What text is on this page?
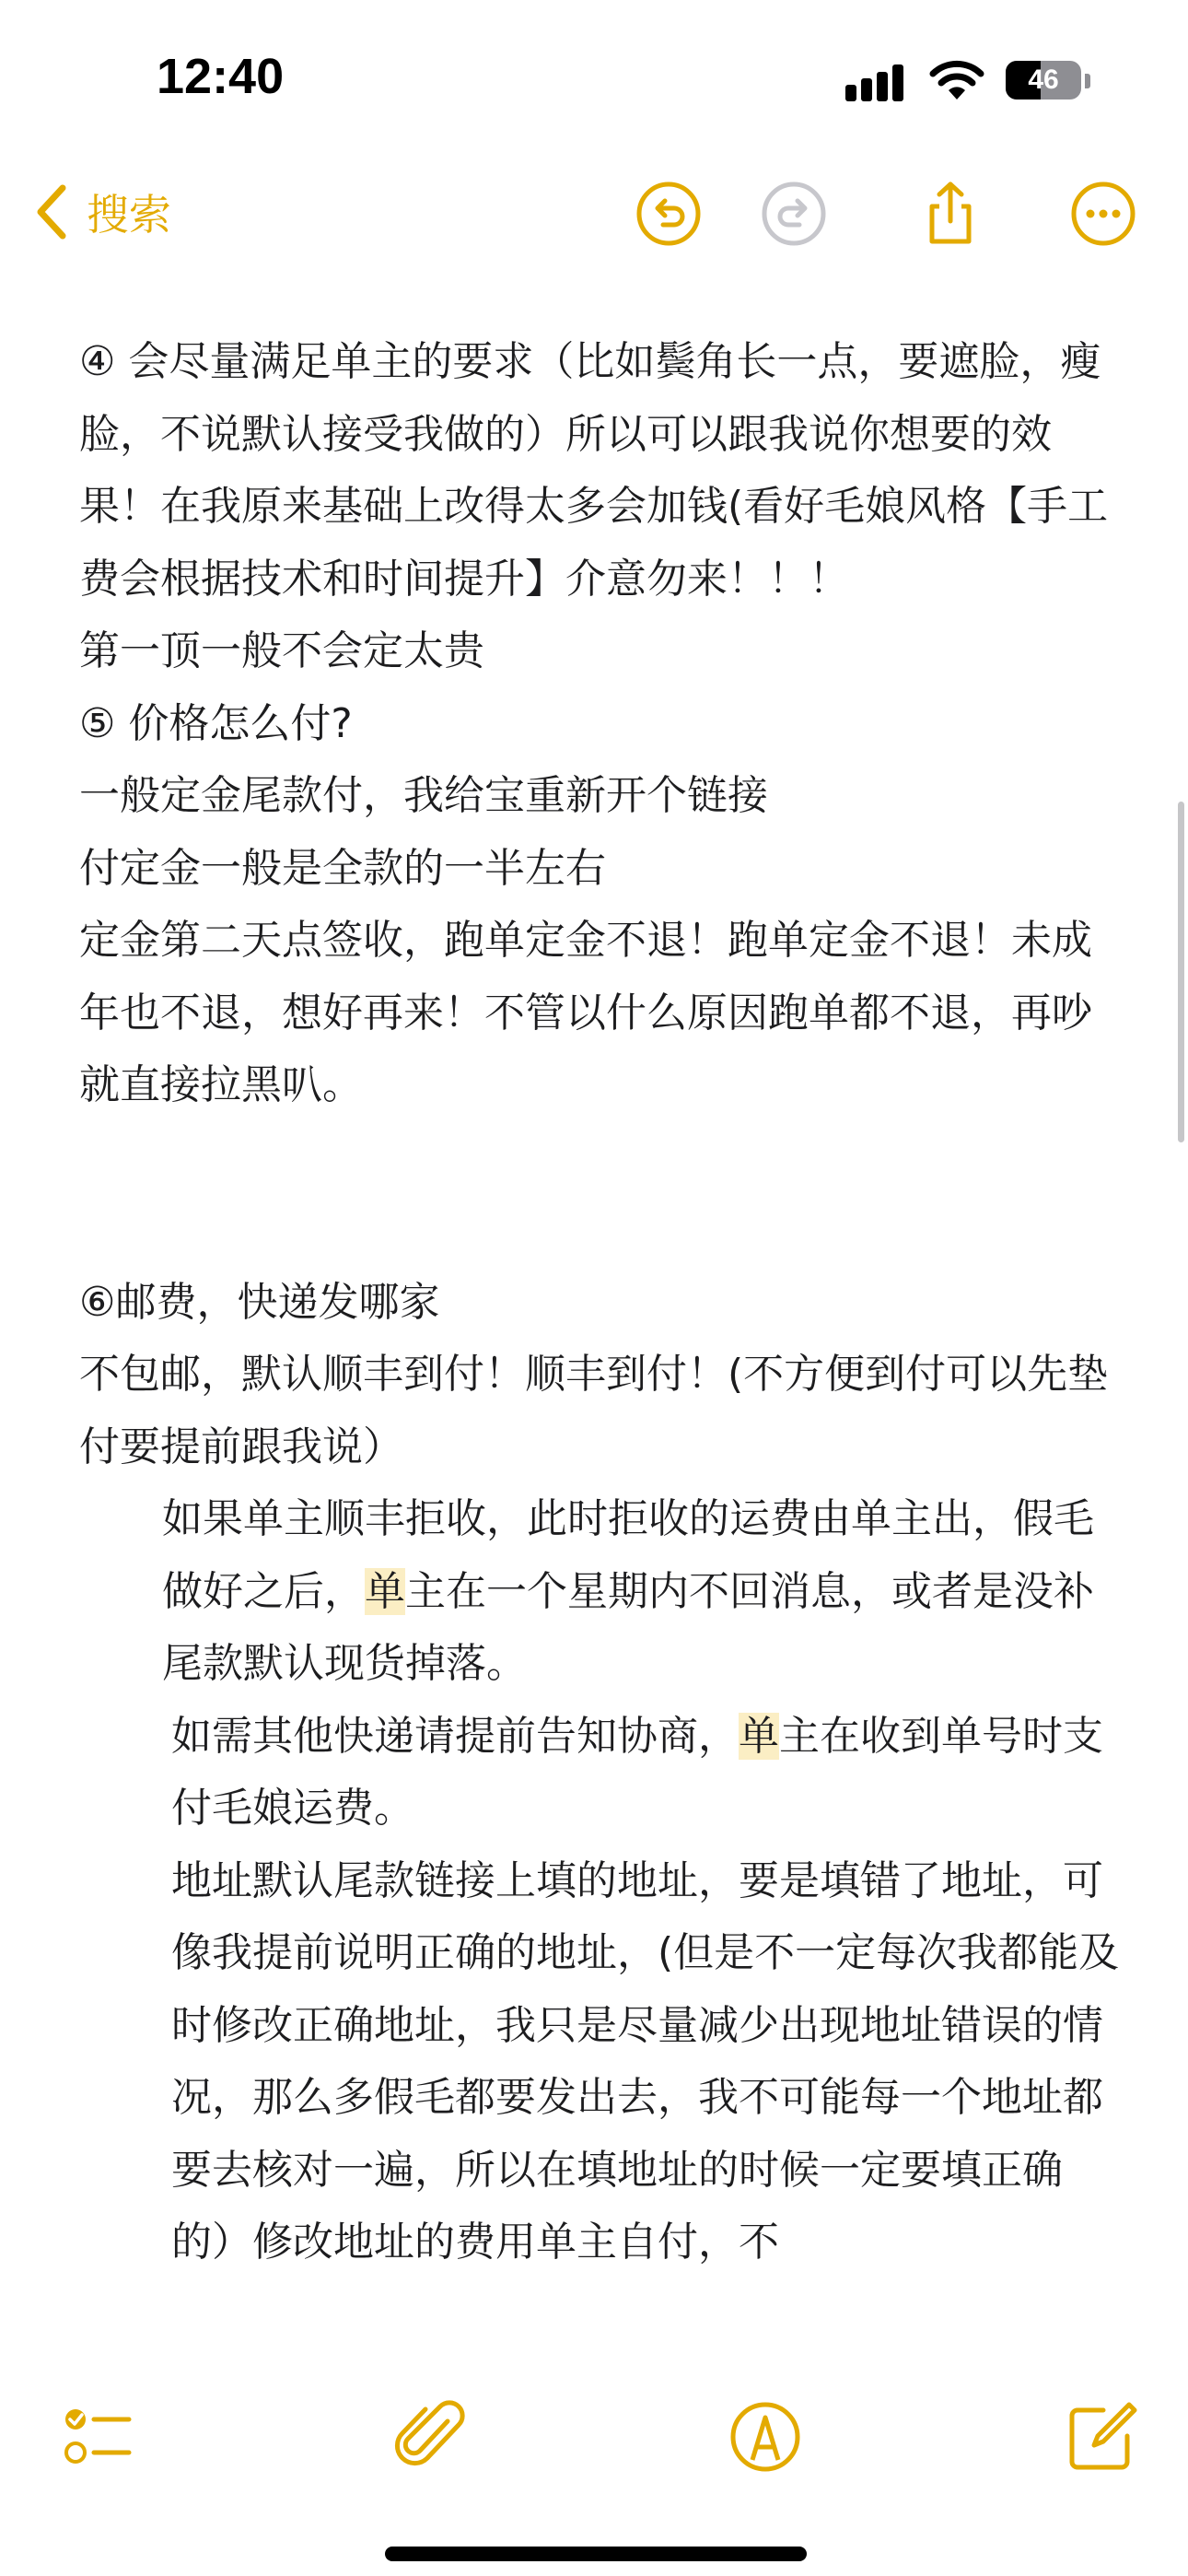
12:40	46
搜索

④ 会尽量满足单主的要求（比如鬓角长一点，要遮脸，瘦脸，不说默认接受我做的）所以可以跟我说你想要的效果！在我原来基础上改得太多会加钱(看好毛娘风格【手工费会根据技术和时间提升】介意勿来！！！

第一顶一般不会定太贵

⑤ 价格怎么付?

一般定金尾款付，我给宝重新开个链接

付定金一般是全款的一半左右

定金第二天点签收，跑单定金不退！跑单定金不退！未成年也不退，想好再来！不管以什么原因跑单都不退，再吵就直接拉黑叭。

⑥邮费，快递发哪家

不包邮，默认顺丰到付！顺丰到付！(不方便到付可以先垫付要提前跟我说）

如果单主顺丰拒收，此时拒收的运费由单主出，假毛做好之后，单主在一个星期内不回消息，或者是没补尾款默认现货掉落。

如需其他快递请提前告知协商，单主在收到单号时支付毛娘运费。

地址默认尾款链接上填的地址，要是填错了地址，可像我提前说明正确的地址，(但是不一定每次我都能及时修改正确地址，我只是尽量减少出现地址错误的情况，那么多假毛都要发出去，我不可能每一个地址都要去核对一遍，所以在填地址的时候一定要填正确的）修改地址的费用单主自付，不
